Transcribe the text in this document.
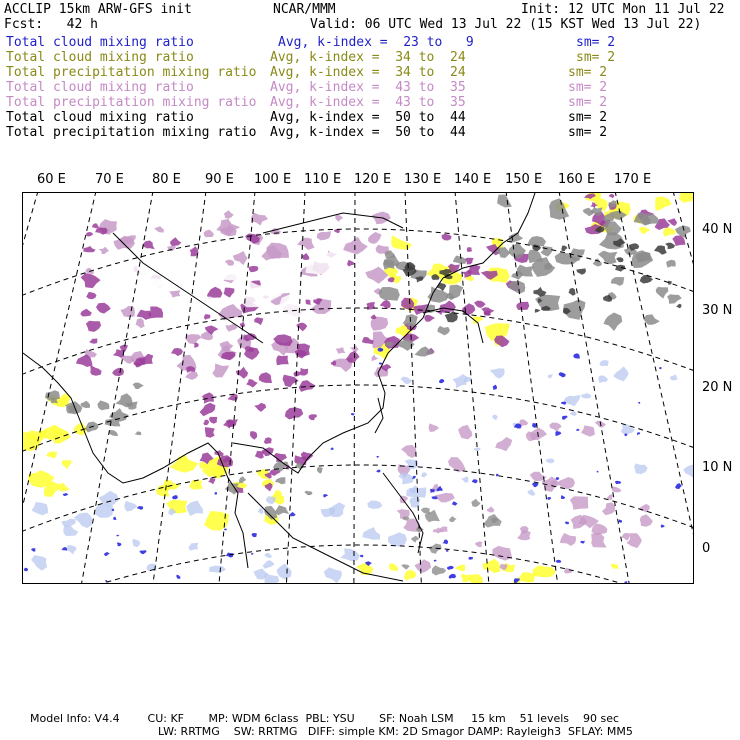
ACCLIP 15km ARW-GFS init	NCAR/MMM	Init: 12 UTC Mon 11 Jul 22
Fcst:   42 h	Valid: 06 UTC Wed 13 Jul 22 (15 KST Wed 13 Jul 22)
Total cloud mixing ratio	Avg, k-index =  23 to   9	sm= 2
Total cloud mixing ratio	Avg, k-index =  34 to  24	sm= 2
Total precipitation mixing ratio Avg, k-index =  34 to  24	sm= 2
Total cloud mixing ratio	Avg, k-index =  43 to  35	sm= 2
Total precipitation mixing ratio Avg, k-index =  43 to  35	sm= 2
Total cloud mixing ratio	Avg, k-index =  50 to  44	sm= 2
Total precipitation mixing ratio Avg, k-index =  50 to  44	sm= 2
60 E 70 E 80 E 90 E 100 E 110 E 120 E 130 E 140 E 150 E 160 E 170 E
40 N
30 N
20 N
10 N
0
Model Info: V4.4        CU: KF       MP: WDM 6class  PBL: YSU       SF: Noah LSM     15 km    51 levels    90 sec
LW: RRTMG    SW: RRTMG   DIFF: simple KM: 2D Smagor DAMP: Rayleigh3  SFLAY: MM5
